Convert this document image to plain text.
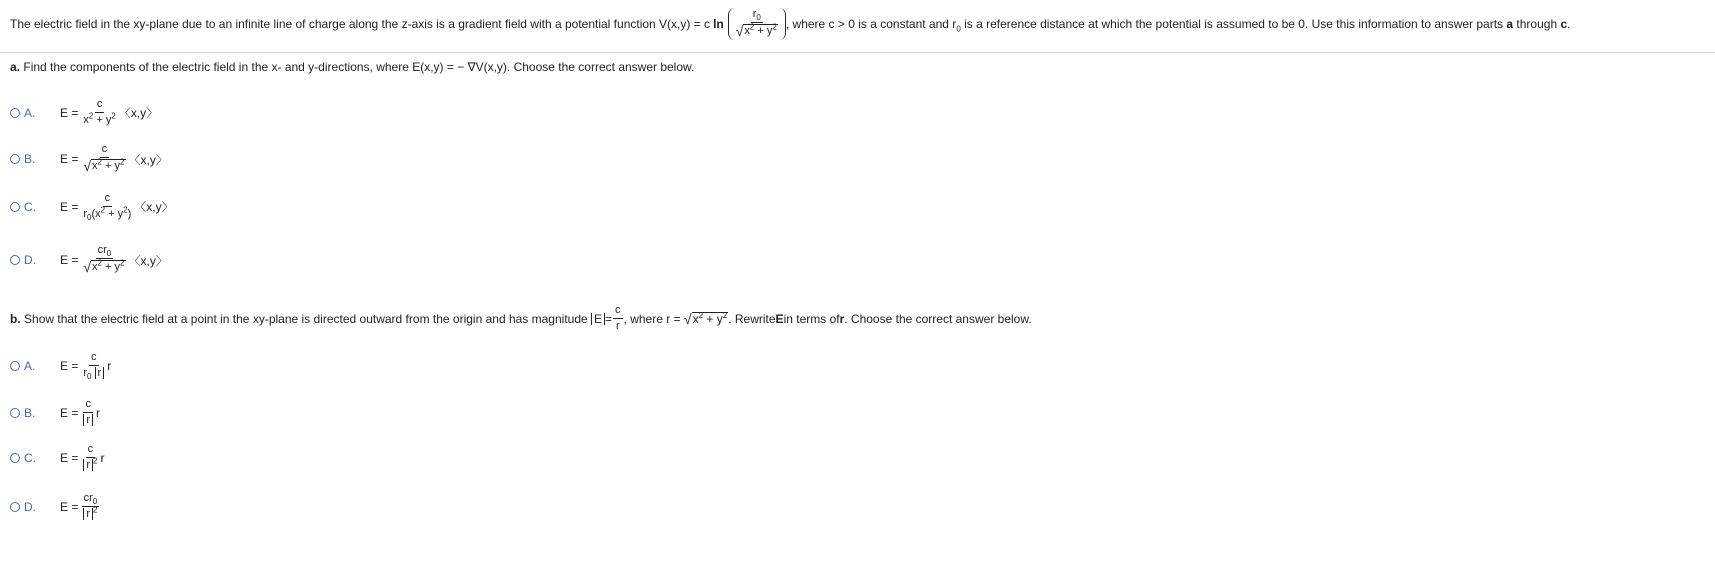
The electric field in the xy-plane due to an infinite line of charge along the z-axis is a gradient field with a potential function V(x,y) = c $\ln \frac{r_0}{√ x^2 + y^2}$ , where c > 0 is a constant and $r_0$ is a reference distance at which the potential is assumed to be 0. Use this information to answer parts a through c.
a. Find the components of the electric field in the x- and y-directions, where E(x,y) = − ∇V(x,y). Choose the correct answer below.
A.	$E = \frac{c}{x^2 + y^2}$ 〈x,y〉
B.	$E = \frac{c}{√ x^2 + y^2}$ 〈x,y〉
C.	$E = \frac{c}{r_0(x^2 + y^2)}$ 〈x,y〉
D.	$E = \frac{cr_0}{√ x^2 + y^2}$ 〈x,y〉
b.
Show that the electric field at a point in the xy-plane is directed outward from the origin and has magnitude
$E = \frac{c}{r}$ , where r =
√ $x^2 + y^2$ . Rewrite E in terms of r . Choose the correct answer below.
A.	$E = \frac{c}{r_0 r}$ r
B.	$E = \frac{c}{r}$ r
C.	$E = \frac{c}{r ^2}$ r
D.	$E = \frac{cr_0}{r ^2}$
